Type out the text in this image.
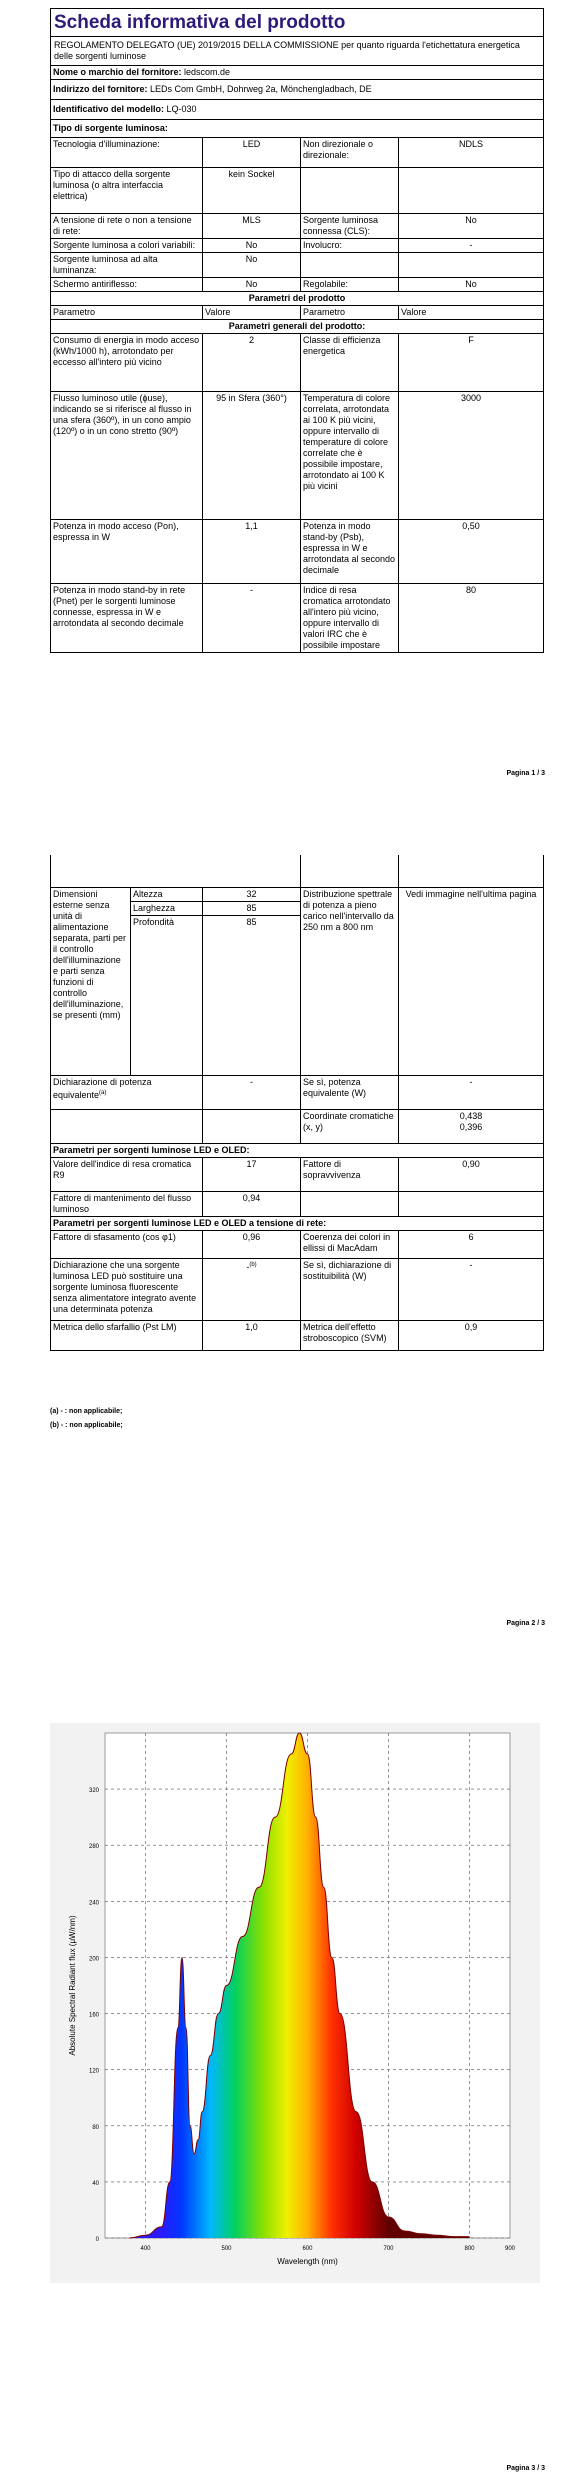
Scheda informativa del prodotto			
REGOLAMENTO DELEGATO (UE) 2019/2015 DELLA COMMISSIONE per quanto riguarda l'etichettatura energetica delle sorgenti luminose			
Nome o marchio del fornitore: ledscom.de			
Indirizzo del fornitore: LEDs Com GmbH, Dohrweg 2a, Mönchengladbach, DE			
Identificativo del modello: LQ-030			
Tipo di sorgente luminosa:			
Tecnologia d'illuminazione:	LED	Non direzionale o direzionale:	NDLS
Tipo di attacco della sorgente luminosa (o altra interfaccia elettrica)	kein Sockel		
A tensione di rete o non a tensione di rete:	MLS	Sorgente luminosa connessa (CLS):	No
Sorgente luminosa a colori variabili:	No	Involucro:	-
Sorgente luminosa ad alta luminanza:	No		
Schermo antiriflesso:	No	Regolabile:	No
Parametri del prodotto			
Parametro	Valore	Parametro	Valore
Parametri generali del prodotto:			
Consumo di energia in modo acceso (kWh/1000 h), arrotondato per eccesso all'intero più vicino	2	Classe di efficienza energetica	F
Flusso luminoso utile (ɸuse), indicando se si riferisce al flusso in una sfera (360º), in un cono ampio (120º) o in un cono stretto (90º)	95 in Sfera (360°)	Temperatura di colore correlata, arrotondata ai 100 K più vicini, oppure intervallo di temperature di colore correlate che è possibile impostare, arrotondato ai 100 K più vicini	3000
Potenza in modo acceso (Pon), espressa in W	1,1	Potenza in modo stand-by (Psb), espressa in W e arrotondata al secondo decimale	0,50
Potenza in modo stand-by in rete (Pnet) per le sorgenti luminose connesse, espressa in W e arrotondata al secondo decimale	-	Indice di resa cromatica arrotondato all'intero più vicino, oppure intervallo di valori IRC che è possibile impostare	80
Pagina 1 / 3

Dimensioni esterne senza unità di alimentazione separata, parti per il controllo dell'illuminazione e parti senza funzioni di controllo dell'illuminazione, se presenti (mm)	Altezza	32	Distribuzione spettrale di potenza a pieno carico nell'intervallo da 250 nm a 800 nm	Vedi immagine nell'ultima pagina
	Larghezza	85		
	Profondità	85		
Dichiarazione di potenza equivalente$^{(a)}$		-	Se sì, potenza equivalente (W)	-
			Coordinate cromatiche (x, y)	0,438
0,396

Parametri per sorgenti luminose LED e OLED:				
Valore dell'indice di resa cromatica R9		17	Fattore di sopravvivenza	0,90
Fattore di mantenimento del flusso luminoso		0,94		
Parametri per sorgenti luminose LED e OLED a tensione di rete:				
Fattore di sfasamento (cos φ1)		0,96	Coerenza dei colori in ellissi di MacAdam	6
Dichiarazione che una sorgente luminosa LED può sostituire una sorgente luminosa fluorescente senza alimentatore integrato avente una determinata potenza		-$^{(b)}$	Se sì, dichiarazione di sostituibilità (W)	-
Metrica dello sfarfallio (Pst LM)		1,0	Metrica dell'effetto stroboscopico (SVM)	0,9
(a) - : non applicabile;
(b) - : non applicabile;
Pagina 2 / 3
0
40
80
120
160
200
240
280
320
400	500	600	700	800	900
Wavelength (nm)
Absolute Spectral Radiant flux (μW/nm)
Pagina 3 / 3
